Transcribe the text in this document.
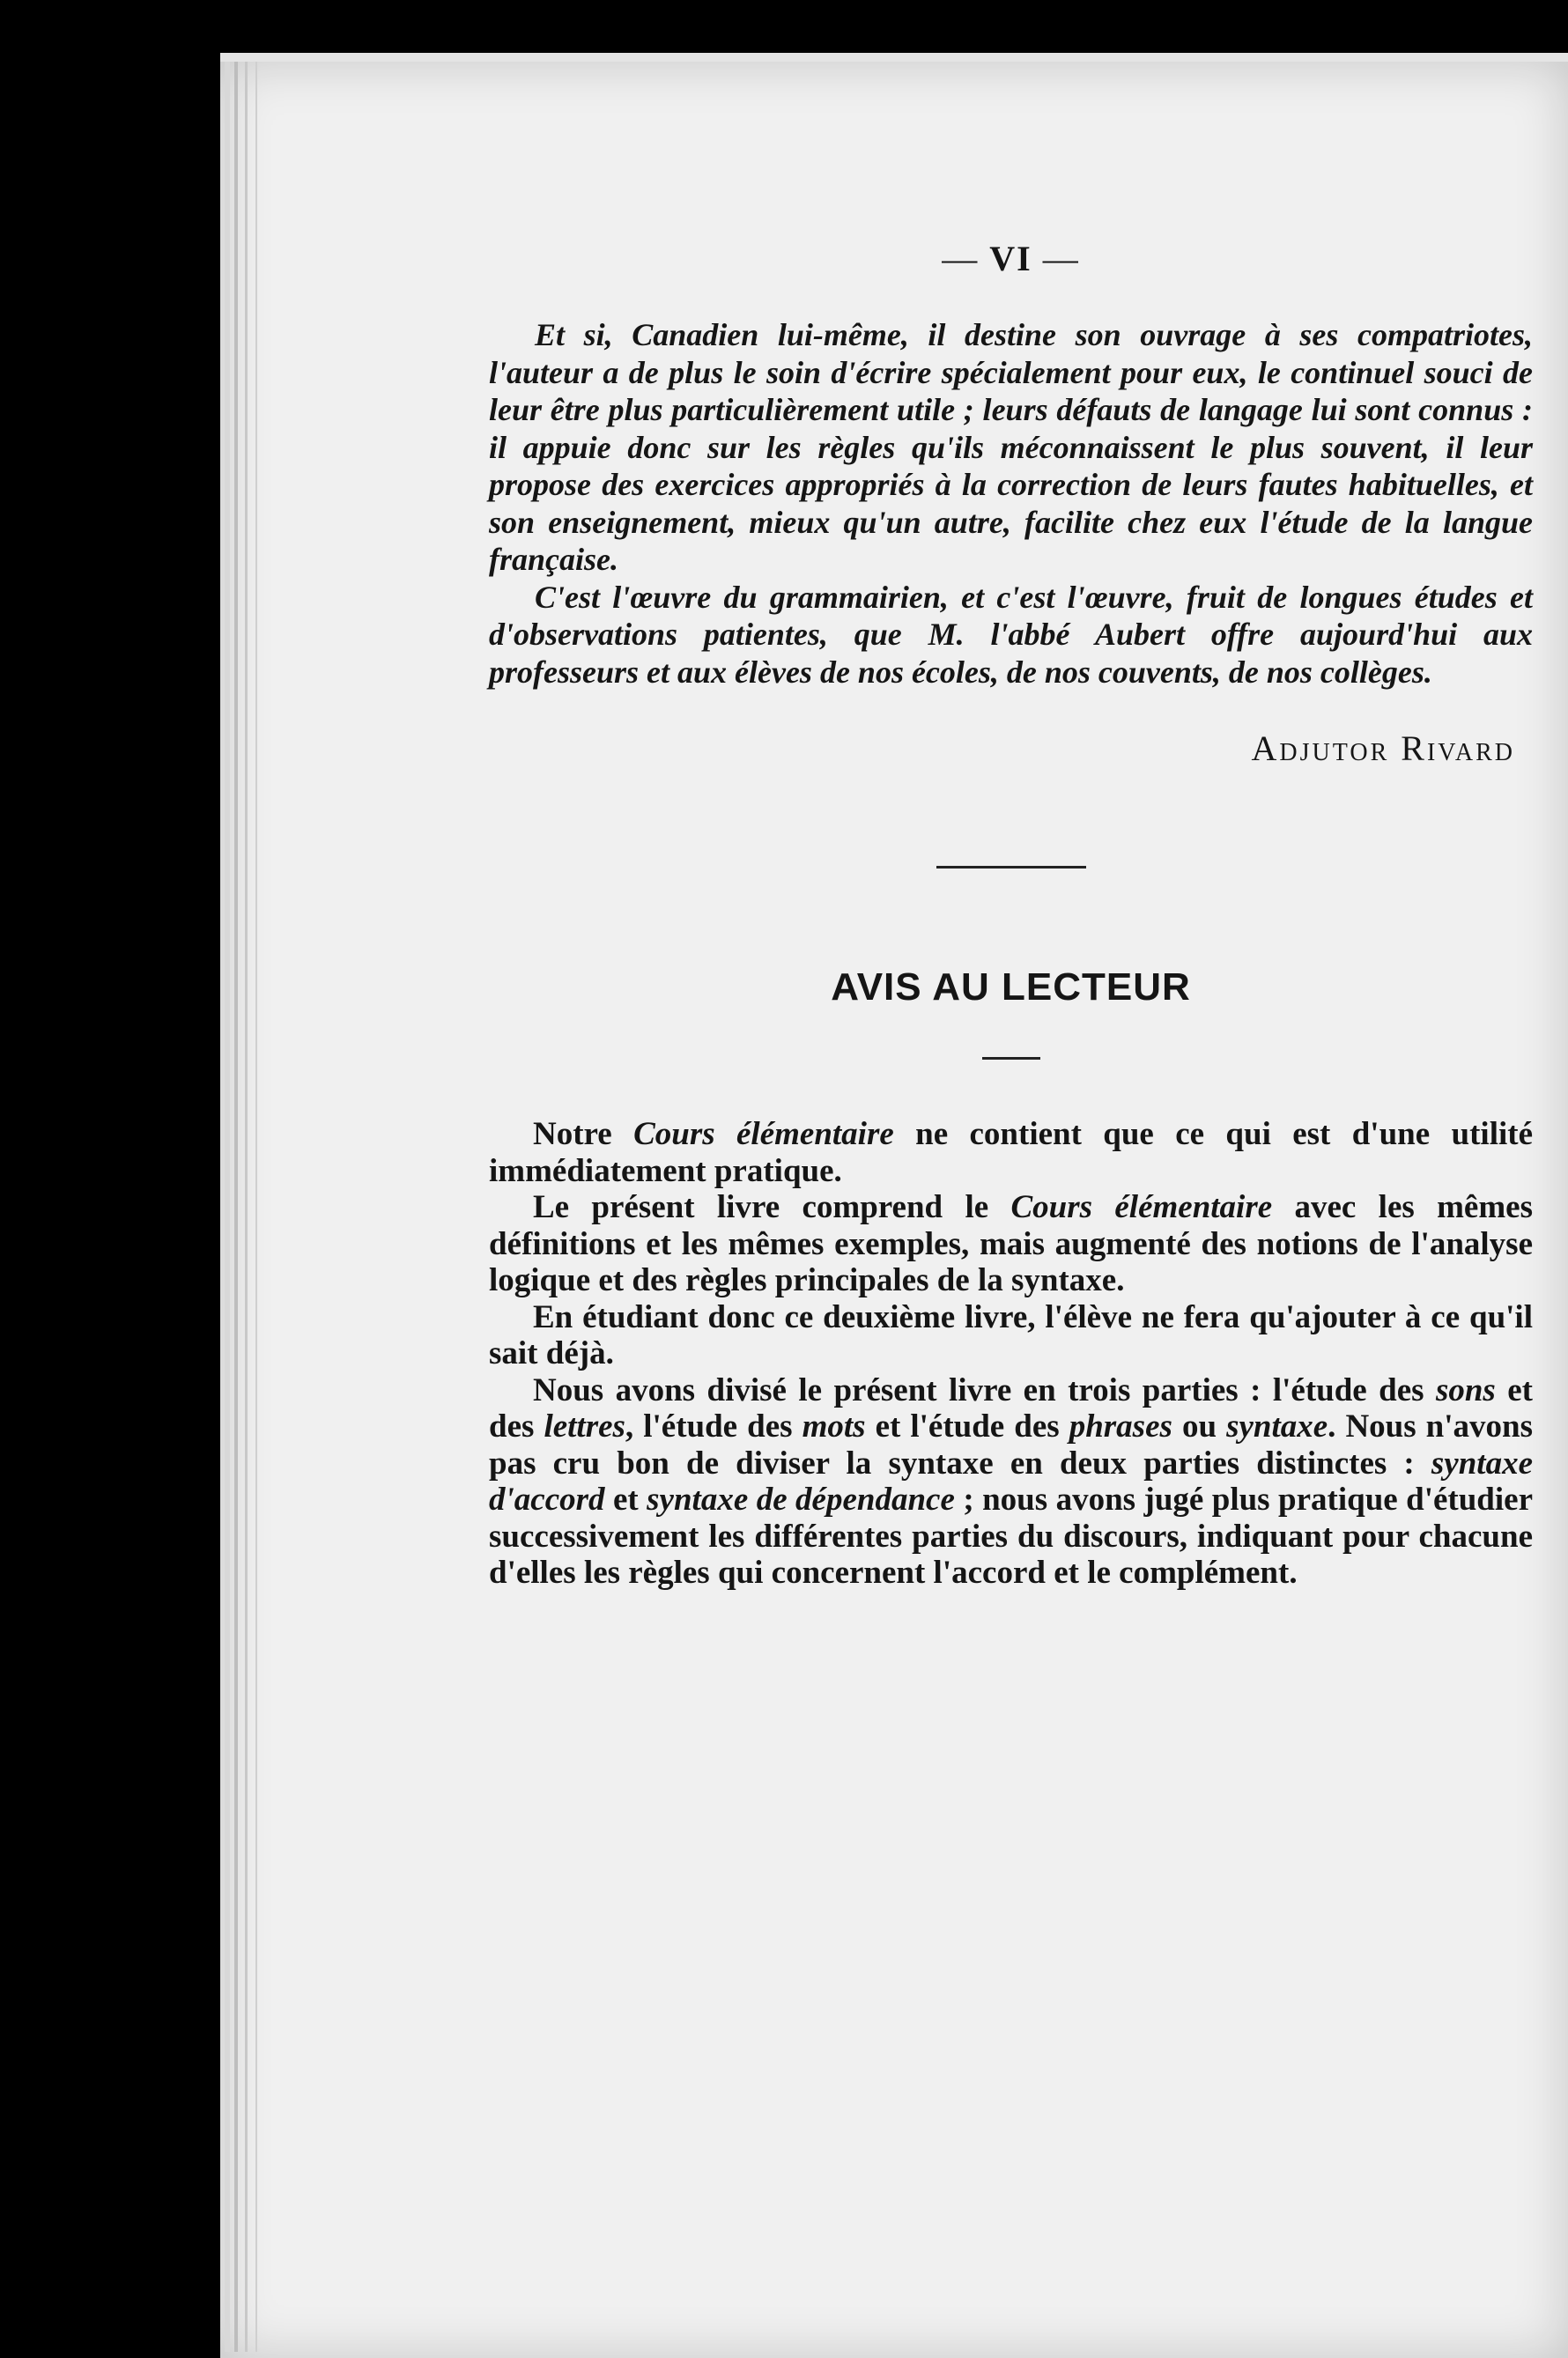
— VI —

Et si, Canadien lui-même, il destine son ouvrage à ses compatriotes, l'auteur a de plus le soin d'écrire spécialement pour eux, le continuel souci de leur être plus particulièrement utile ; leurs défauts de langage lui sont connus : il appuie donc sur les règles qu'ils méconnaissent le plus souvent, il leur propose des exercices appropriés à la correction de leurs fautes habituelles, et son enseignement, mieux qu'un autre, facilite chez eux l'étude de la langue française.

C'est l'œuvre du grammairien, et c'est l'œuvre, fruit de longues études et d'observations patientes, que M. l'abbé Aubert offre aujourd'hui aux professeurs et aux élèves de nos écoles, de nos couvents, de nos collèges.

Adjutor Rivard
AVIS AU LECTEUR

Notre Cours élémentaire ne contient que ce qui est d'une utilité immédiatement pratique.

Le présent livre comprend le Cours élémentaire avec les mêmes définitions et les mêmes exemples, mais augmenté des notions de l'analyse logique et des règles principales de la syntaxe.

En étudiant donc ce deuxième livre, l'élève ne fera qu'ajouter à ce qu'il sait déjà.

Nous avons divisé le présent livre en trois parties : l'étude des sons et des lettres, l'étude des mots et l'étude des phrases ou syntaxe. Nous n'avons pas cru bon de diviser la syntaxe en deux parties distinctes : syntaxe d'accord et syntaxe de dépendance ; nous avons jugé plus pratique d'étudier successivement les différentes parties du discours, indiquant pour chacune d'elles les règles qui concernent l'accord et le complément.
